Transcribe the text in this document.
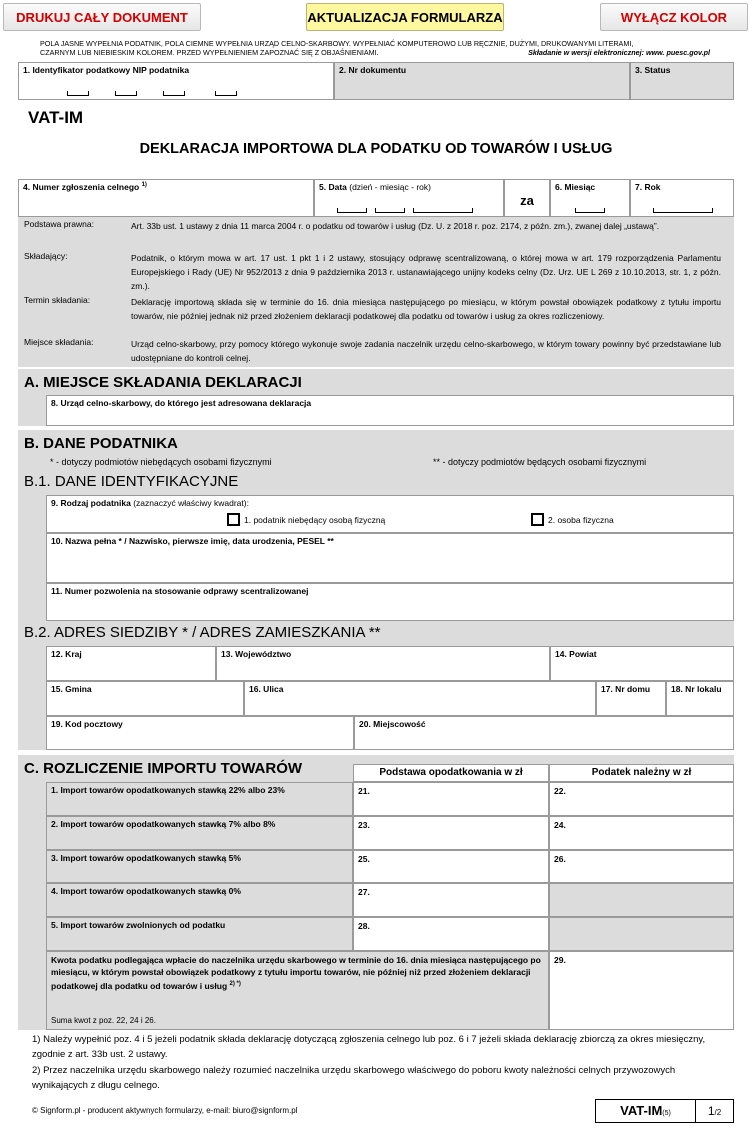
DRUKUJ CAŁY DOKUMENT	AKTUALIZACJA FORMULARZA	WYŁĄCZ KOLOR
POLA JASNE WYPEŁNIA PODATNIK, POLA CIEMNE WYPEŁNIA URZĄD CELNO-SKARBOWY. WYPEŁNIAĆ KOMPUTEROWO LUB RĘCZNIE, DUŻYMI, DRUKOWANYMI LITERAMI,
CZARNYM LUB NIEBIESKIM KOLOREM. PRZED WYPEŁNIENIEM ZAPOZNAĆ SIĘ Z OBJAŚNIENIAMI.	Składanie w wersji elektronicznej: www. puesc.gov.pl
1. Identyfikator podatkowy NIP podatnika	2. Nr dokumentu	3. Status
VAT-IM
DEKLARACJA IMPORTOWA DLA PODATKU OD TOWARÓW I USŁUG
4. Numer zgłoszenia celnego $^{1)}$	5. Data (dzień - miesiąc - rok)
za
6. Miesiąc	7. Rok
Podstawa prawna:	Art. 33b ust. 1 ustawy z dnia 11 marca 2004 r. o podatku od towarów i usług (Dz. U. z 2018 r. poz. 2174, z późn. zm.), zwanej dalej „ustawą”.
Składający:	Podatnik, o którym mowa w art. 17 ust. 1 pkt 1 i 2 ustawy, stosujący odprawę scentralizowaną, o której mowa w art. 179 rozporządzenia Parlamentu Europejskiego i Rady (UE) Nr 952/2013 z dnia 9 października 2013 r. ustanawiającego unijny kodeks celny (Dz. Urz. UE L 269 z 10.10.2013, str. 1, z późn. zm.).
Termin składania:	Deklarację importową składa się w terminie do 16. dnia miesiąca następującego po miesiącu, w którym powstał obowiązek podatkowy z tytułu importu towarów, nie później jednak niż przed złożeniem deklaracji podatkowej dla podatku od towarów i usług za okres rozliczeniowy.
Miejsce składania:	Urząd celno-skarbowy, przy pomocy którego wykonuje swoje zadania naczelnik urzędu celno-skarbowego, w którym towary powinny być przedstawiane lub udostępniane do kontroli celnej.
A. MIEJSCE SKŁADANIA DEKLARACJI
8. Urząd celno-skarbowy, do którego jest adresowana deklaracja
B. DANE PODATNIKA
* - dotyczy podmiotów niebędących osobami fizycznymi	** - dotyczy podmiotów będących osobami fizycznymi
B.1. DANE IDENTYFIKACYJNE
9. Rodzaj podatnika (zaznaczyć właściwy kwadrat):
1. podatnik niebędący osobą fizyczną	2. osoba fizyczna
10. Nazwa pełna * / Nazwisko, pierwsze imię, data urodzenia, PESEL **
11. Numer pozwolenia na stosowanie odprawy scentralizowanej
B.2. ADRES SIEDZIBY * / ADRES ZAMIESZKANIA **
12. Kraj	13. Województwo	14. Powiat
15. Gmina	16. Ulica	17. Nr domu 18. Nr lokalu
19. Kod pocztowy	20. Miejscowość
C. ROZLICZENIE IMPORTU TOWARÓW	Podstawa opodatkowania w zł	Podatek należny w zł
1. Import towarów opodatkowanych stawką 22% albo 23%	21.	22.
2. Import towarów opodatkowanych stawką 7% albo 8%	23.	24.
3. Import towarów opodatkowanych stawką 5%	25.	26.
4. Import towarów opodatkowanych stawką 0%	27.
5. Import towarów zwolnionych od podatku	28.
Kwota podatku podlegająca wpłacie do naczelnika urzędu skarbowego w terminie do 16. dnia miesiąca następującego po miesiącu, w którym powstał obowiązek podatkowy z tytułu importu towarów, nie później niż przed złożeniem deklaracji podatkowej dla podatku od towarów i usług $^{2) *)}$
Suma kwot z poz. 22, 24 i 26.
29.
1) Należy wypełnić poz. 4 i 5 jeżeli podatnik składa deklarację dotyczącą zgłoszenia celnego lub poz. 6 i 7 jeżeli składa deklarację zbiorczą za okres miesięczny, zgodnie z art. 33b ust. 2 ustawy.
2) Przez naczelnika urzędu skarbowego należy rozumieć naczelnika urzędu skarbowego właściwego do poboru kwoty należności celnych przywozowych wynikających z długu celnego.
© Signform.pl - producent aktywnych formularzy, e-mail: biuro@signform.pl	VAT-IM(5)	1/2
